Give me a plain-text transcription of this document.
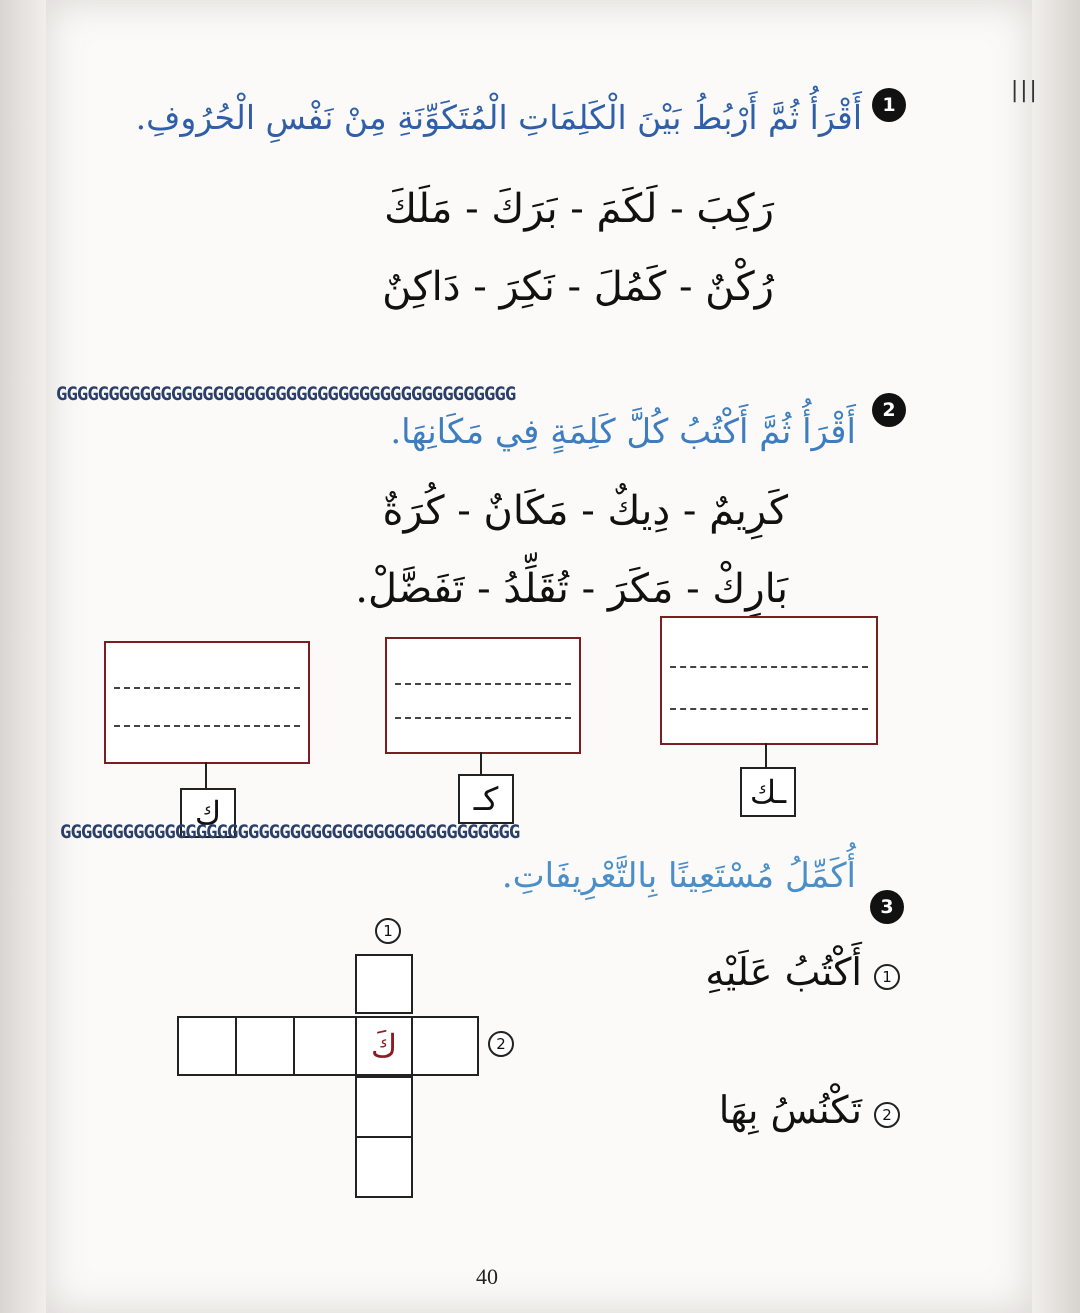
|||
1
أَقْرَأُ ثُمَّ أَرْبُطُ بَيْنَ الْكَلِمَاتِ الْمُتَكَوِّنَةِ مِنْ نَفْسِ الْحُرُوفِ.
رَكِبَ - لَكَمَ - بَرَكَ - مَلَكَ
رُكْنٌ - كَمُلَ - نَكِرَ - دَاكِنٌ
GGGGGGGGGGGGGGGGGGGGGGGGGGGGGGGGGGGGGGGGGGGG
2
أَقْرَأُ ثُمَّ أَكْتُبُ كُلَّ كَلِمَةٍ فِي مَكَانِهَا.
كَرِيمٌ - دِيكٌ - مَكَانٌ - كُرَةٌ
بَارِكْ - مَكَرَ - تُقَلِّدُ - تَفَضَّلْ.
ك	كـ	ـك
GGGGGGGGGGGGGGGGGGGGGGGGGGGGGGGGGGGGGGGGGGGG
أُكَمِّلُ مُسْتَعِينًا بِالتَّعْرِيفَاتِ.
3
1
كَ	2
1
أَكْتُبُ عَلَيْهِ
2
تَكْنُسُ بِهَا
40
